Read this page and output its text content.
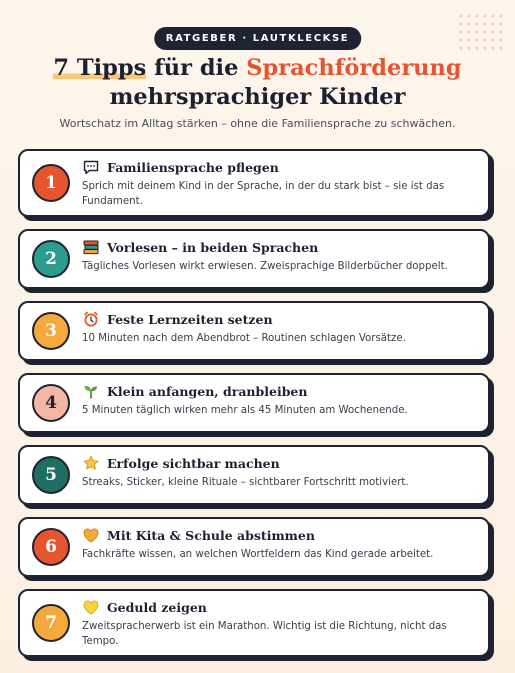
RATGEBER · LAUTKLECKSE
7 Tipps für die Sprachförderung
mehrsprachiger Kinder
Wortschatz im Alltag stärken – ohne die Familiensprache zu schwächen.
1
Familiensprache pflegen
Sprich mit deinem Kind in der Sprache, in der du stark bist – sie ist das Fundament.
2
Vorlesen – in beiden Sprachen
Tägliches Vorlesen wirkt erwiesen. Zweisprachige Bilderbücher doppelt.
3
Feste Lernzeiten setzen
10 Minuten nach dem Abendbrot – Routinen schlagen Vorsätze.
4
Klein anfangen, dranbleiben
5 Minuten täglich wirken mehr als 45 Minuten am Wochenende.
5
Erfolge sichtbar machen
Streaks, Sticker, kleine Rituale – sichtbarer Fortschritt motiviert.
6
Mit Kita & Schule abstimmen
Fachkräfte wissen, an welchen Wortfeldern das Kind gerade arbeitet.
7
Geduld zeigen
Zweitspracherwerb ist ein Marathon. Wichtig ist die Richtung, nicht das Tempo.
